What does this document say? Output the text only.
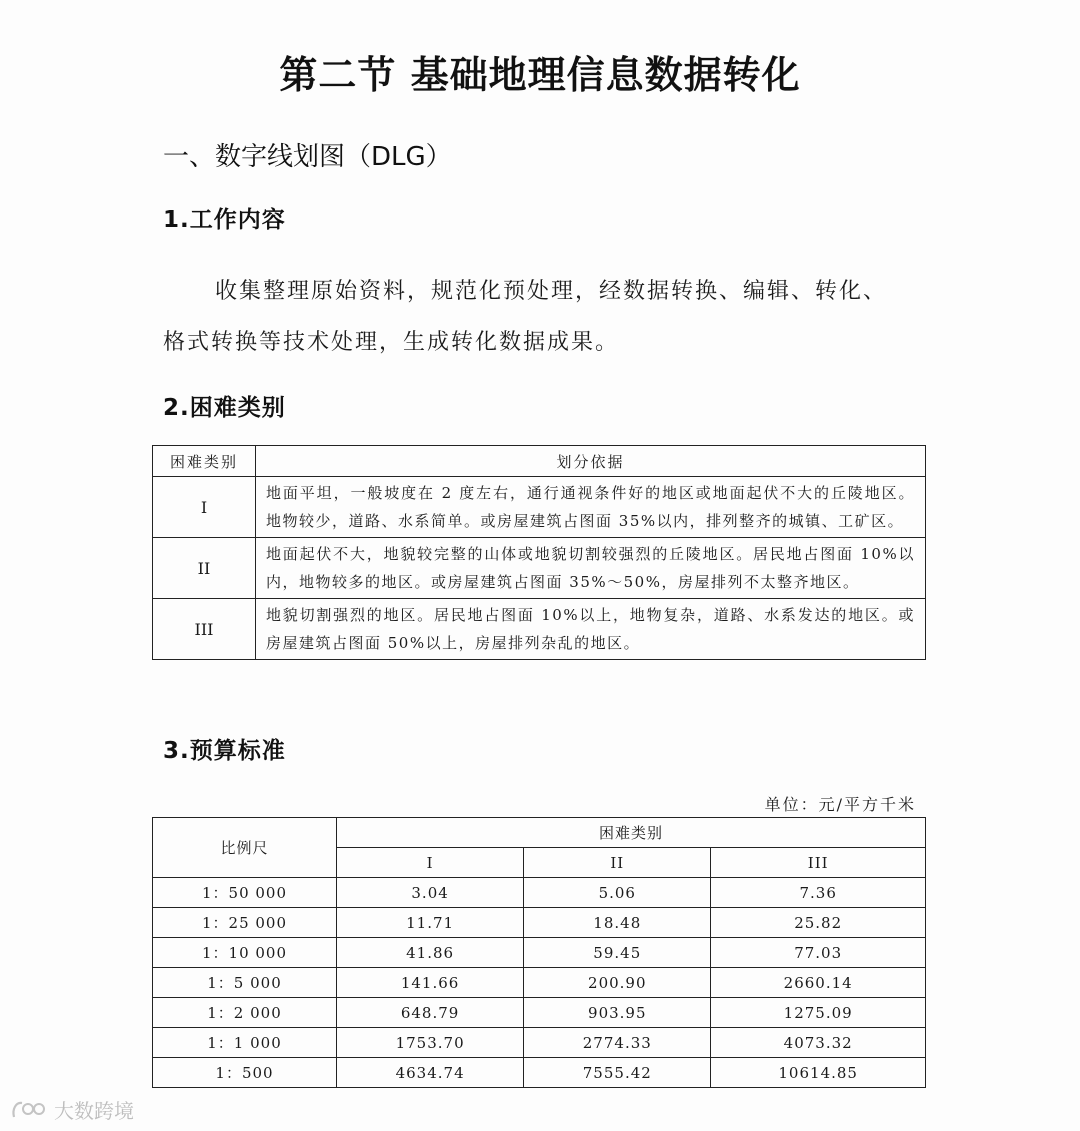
第二节 基础地理信息数据转化
一、数字线划图（DLG）
1.工作内容
收集整理原始资料，规范化预处理，经数据转换、编辑、转化、
格式转换等技术处理，生成转化数据成果。
2.困难类别
困难类别	划分依据
I	地面平坦，一般坡度在 2 度左右，通行通视条件好的地区或地面起伏不大的丘陵地区。地物较少，道路、水系简单。或房屋建筑占图面 35%以内，排列整齐的城镇、工矿区。
II	地面起伏不大，地貌较完整的山体或地貌切割较强烈的丘陵地区。居民地占图面 10%以内，地物较多的地区。或房屋建筑占图面 35%～50%，房屋排列不太整齐地区。
III	地貌切割强烈的地区。居民地占图面 10%以上，地物复杂，道路、水系发达的地区。或房屋建筑占图面 50%以上，房屋排列杂乱的地区。
3.预算标准
单位：元/平方千米
比例尺	困难类别		
	I	II	III
1：50 000	3.04	5.06	7.36
1：25 000	11.71	18.48	25.82
1：10 000	41.86	59.45	77.03
1：5 000	141.66	200.90	2660.14
1：2 000	648.79	903.95	1275.09
1：1 000	1753.70	2774.33	4073.32
1：500	4634.74	7555.42	10614.85
大数跨境
